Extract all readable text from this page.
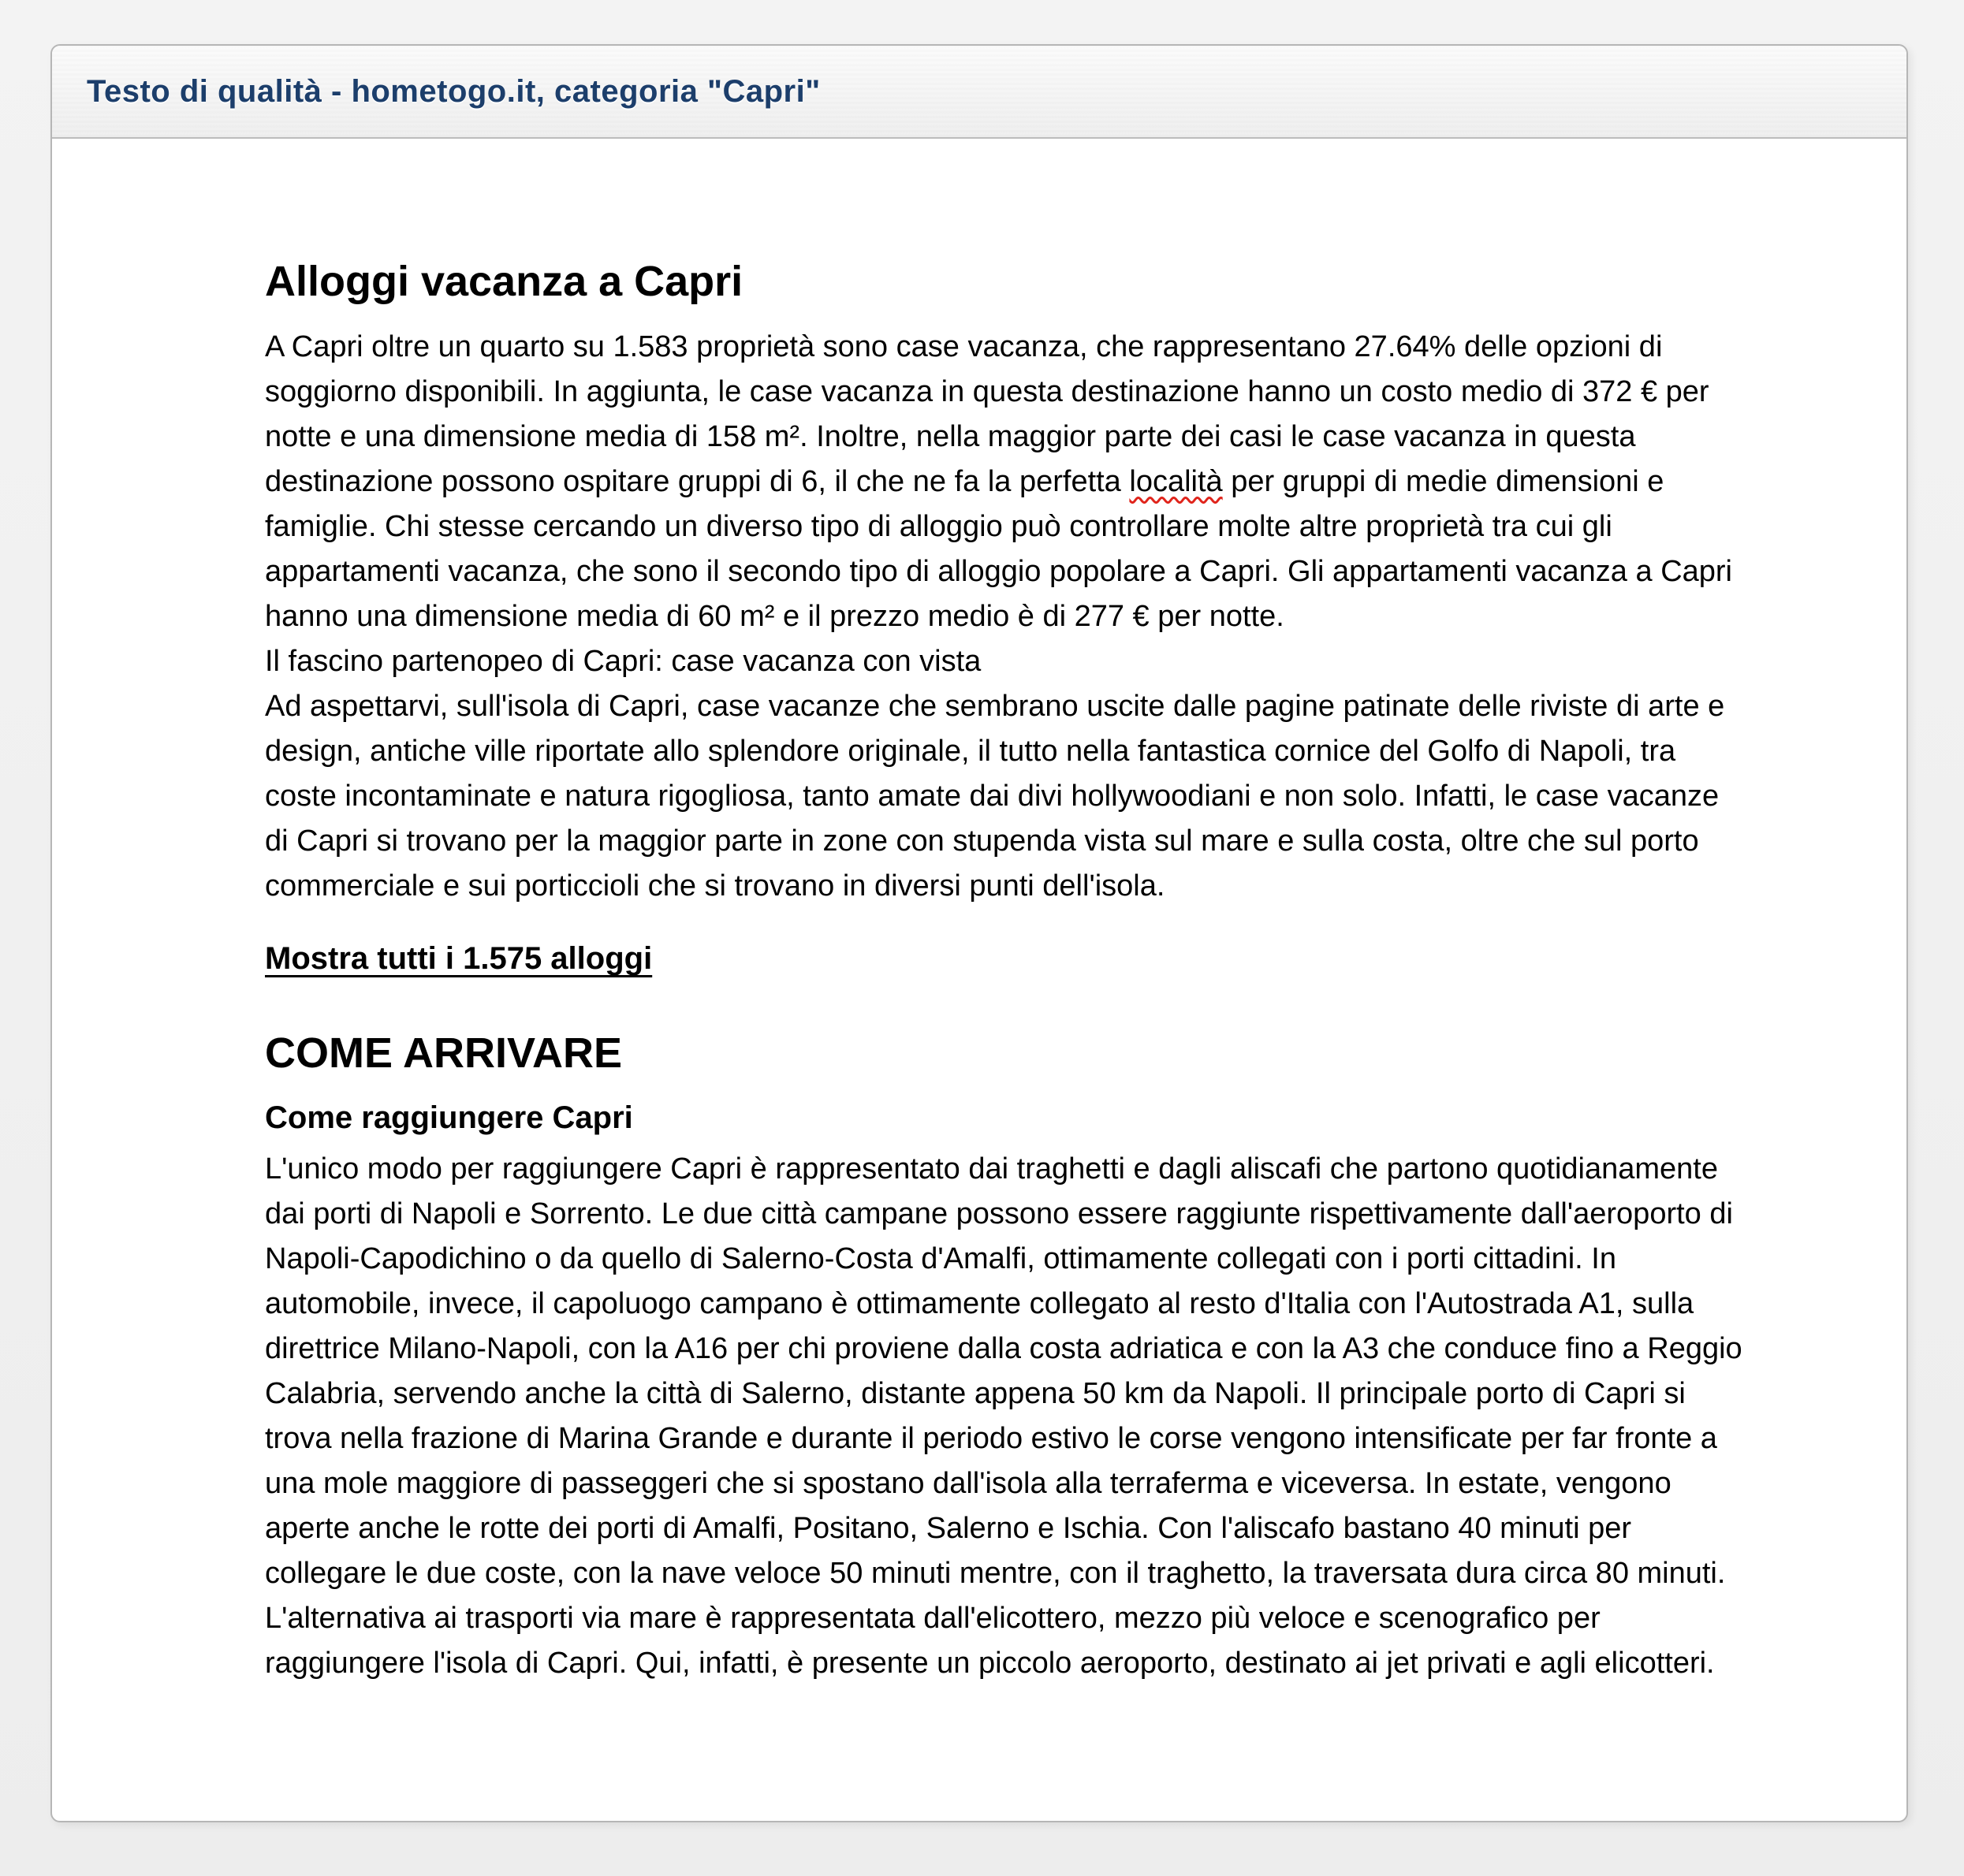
Testo di qualità - hometogo.it, categoria "Capri"
Alloggi vacanza a Capri

A Capri oltre un quarto su 1.583 proprietà sono case vacanza, che rappresentano 27.64% delle opzioni di soggiorno disponibili. In aggiunta, le case vacanza in questa destinazione hanno un costo medio di 372 € per notte e una dimensione media di 158 m². Inoltre, nella maggior parte dei casi le case vacanza in questa destinazione possono ospitare gruppi di 6, il che ne fa la perfetta località per gruppi di medie dimensioni e famiglie. Chi stesse cercando un diverso tipo di alloggio può controllare molte altre proprietà tra cui gli appartamenti vacanza, che sono il secondo tipo di alloggio popolare a Capri. Gli appartamenti vacanza a Capri hanno una dimensione media di 60 m² e il prezzo medio è di 277 € per notte.

Il fascino partenopeo di Capri: case vacanza con vista

Ad aspettarvi, sull'isola di Capri, case vacanze che sembrano uscite dalle pagine patinate delle riviste di arte e design, antiche ville riportate allo splendore originale, il tutto nella fantastica cornice del Golfo di Napoli, tra coste incontaminate e natura rigogliosa, tanto amate dai divi hollywoodiani e non solo. Infatti, le case vacanze di Capri si trovano per la maggior parte in zone con stupenda vista sul mare e sulla costa, oltre che sul porto commerciale e sui porticcioli che si trovano in diversi punti dell'isola.

Mostra tutti i 1.575 alloggi
COME ARRIVARE
Come raggiungere Capri

L'unico modo per raggiungere Capri è rappresentato dai traghetti e dagli aliscafi che partono quotidianamente dai porti di Napoli e Sorrento. Le due città campane possono essere raggiunte rispettivamente dall'aeroporto di Napoli-Capodichino o da quello di Salerno-Costa d'Amalfi, ottimamente collegati con i porti cittadini. In automobile, invece, il capoluogo campano è ottimamente collegato al resto d'Italia con l'Autostrada A1, sulla direttrice Milano-Napoli, con la A16 per chi proviene dalla costa adriatica e con la A3 che conduce fino a Reggio Calabria, servendo anche la città di Salerno, distante appena 50 km da Napoli. Il principale porto di Capri si trova nella frazione di Marina Grande e durante il periodo estivo le corse vengono intensificate per far fronte a una mole maggiore di passeggeri che si spostano dall'isola alla terraferma e viceversa. In estate, vengono aperte anche le rotte dei porti di Amalfi, Positano, Salerno e Ischia. Con l'aliscafo bastano 40 minuti per collegare le due coste, con la nave veloce 50 minuti mentre, con il traghetto, la traversata dura circa 80 minuti. L'alternativa ai trasporti via mare è rappresentata dall'elicottero, mezzo più veloce e scenografico per raggiungere l'isola di Capri. Qui, infatti, è presente un piccolo aeroporto, destinato ai jet privati e agli elicotteri.
